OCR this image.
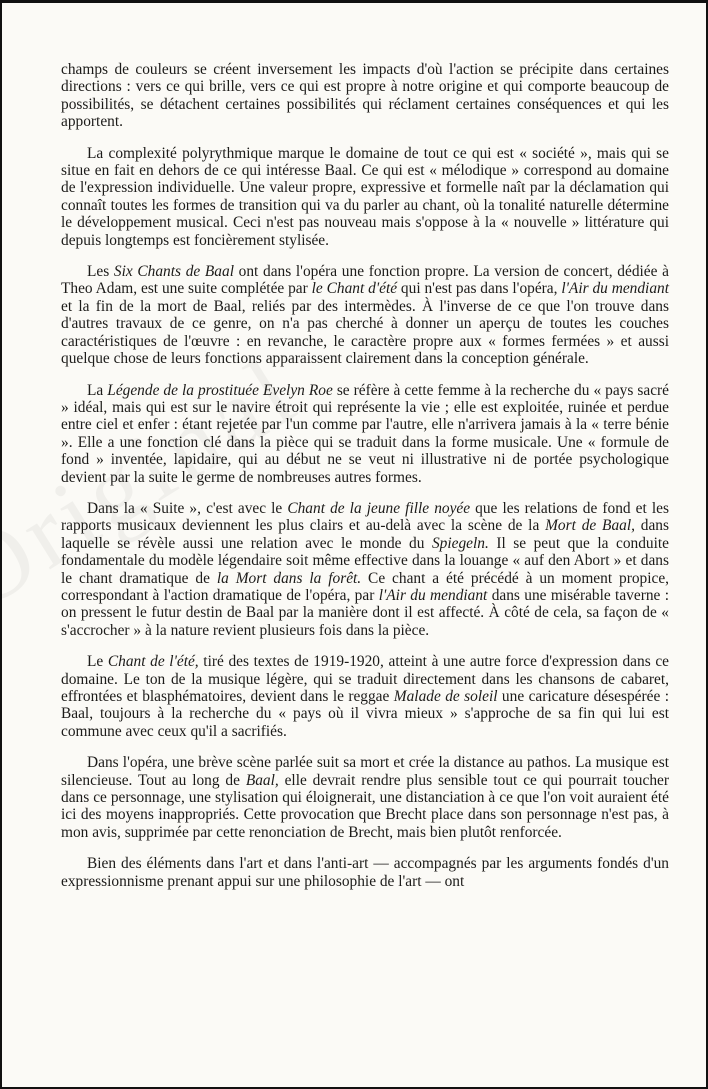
champs de couleurs se créent inversement les impacts d'où l'action se précipite dans certaines directions : vers ce qui brille, vers ce qui est propre à notre origine et qui comporte beaucoup de possibilités, se détachent certaines possibilités qui réclament certaines conséquences et qui les apportent.

La complexité polyrythmique marque le domaine de tout ce qui est « société », mais qui se situe en fait en dehors de ce qui intéresse Baal. Ce qui est « mélodique » correspond au domaine de l'expression individuelle. Une valeur propre, expressive et formelle naît par la déclamation qui connaît toutes les formes de transition qui va du parler au chant, où la tonalité naturelle détermine le développement musical. Ceci n'est pas nouveau mais s'oppose à la « nouvelle » littérature qui depuis longtemps est foncièrement stylisée.

Les Six Chants de Baal ont dans l'opéra une fonction propre. La version de concert, dédiée à Theo Adam, est une suite complétée par le Chant d'été qui n'est pas dans l'opéra, l'Air du mendiant et la fin de la mort de Baal, reliés par des intermèdes. À l'inverse de ce que l'on trouve dans d'autres travaux de ce genre, on n'a pas cherché à donner un aperçu de toutes les couches caractéristiques de l'œuvre : en revanche, le caractère propre aux « formes fermées » et aussi quelque chose de leurs fonctions apparaissent clairement dans la conception générale.

La Légende de la prostituée Evelyn Roe se réfère à cette femme à la recherche du « pays sacré » idéal, mais qui est sur le navire étroit qui représente la vie ; elle est exploitée, ruinée et perdue entre ciel et enfer : étant rejetée par l'un comme par l'autre, elle n'arrivera jamais à la « terre bénie ». Elle a une fonction clé dans la pièce qui se traduit dans la forme musicale. Une « formule de fond » inventée, lapidaire, qui au début ne se veut ni illustrative ni de portée psychologique devient par la suite le germe de nombreuses autres formes.

Dans la « Suite », c'est avec le Chant de la jeune fille noyée que les relations de fond et les rapports musicaux deviennent les plus clairs et au-delà avec la scène de la Mort de Baal, dans laquelle se révèle aussi une relation avec le monde du Spiegeln. Il se peut que la conduite fondamentale du modèle légendaire soit même effective dans la louange « auf den Abort » et dans le chant dramatique de la Mort dans la forêt. Ce chant a été précédé à un moment propice, correspondant à l'action dramatique de l'opéra, par l'Air du mendiant dans une misérable taverne : on pressent le futur destin de Baal par la manière dont il est affecté. À côté de cela, sa façon de « s'accrocher » à la nature revient plusieurs fois dans la pièce.

Le Chant de l'été, tiré des textes de 1919-1920, atteint à une autre force d'expression dans ce domaine. Le ton de la musique légère, qui se traduit directement dans les chansons de cabaret, effrontées et blasphématoires, devient dans le reggae Malade de soleil une caricature désespérée : Baal, toujours à la recherche du « pays où il vivra mieux » s'approche de sa fin qui lui est commune avec ceux qu'il a sacrifiés.

Dans l'opéra, une brève scène parlée suit sa mort et crée la distance au pathos. La musique est silencieuse. Tout au long de Baal, elle devrait rendre plus sensible tout ce qui pourrait toucher dans ce personnage, une stylisation qui éloignerait, une distanciation à ce que l'on voit auraient été ici des moyens inappropriés. Cette provocation que Brecht place dans son personnage n'est pas, à mon avis, supprimée par cette renonciation de Brecht, mais bien plutôt renforcée.

Bien des éléments dans l'art et dans l'anti-art — accompagnés par les arguments fondés d'un expressionnisme prenant appui sur une philosophie de l'art — ont
